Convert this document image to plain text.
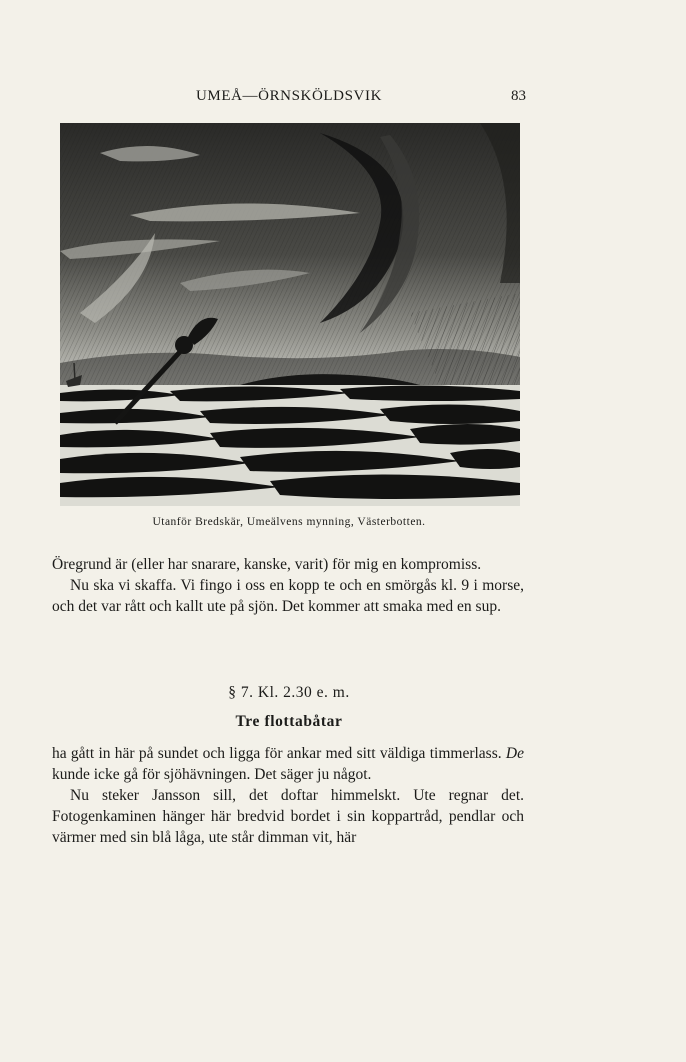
UMEÅ—ÖRNSKÖLDSVIK	83
Utanför Bredskär, Umeälvens mynning, Västerbotten.

Öregrund är (eller har snarare, kanske, varit) för mig en kompromiss.

Nu ska vi skaffa. Vi fingo i oss en kopp te och en smörgås kl. 9 i morse, och det var rått och kallt ute på sjön. Det kommer att smaka med en sup.

§ 7. Kl. 2.30 e. m.
Tre flottabåtar

ha gått in här på sundet och ligga för ankar med sitt väldiga timmerlass. De kunde icke gå för sjöhävningen. Det säger ju något.

Nu steker Jansson sill, det doftar himmelskt. Ute regnar det. Fotogenkaminen hänger här bredvid bordet i sin koppartråd, pendlar och värmer med sin blå låga, ute står dimman vit, här
